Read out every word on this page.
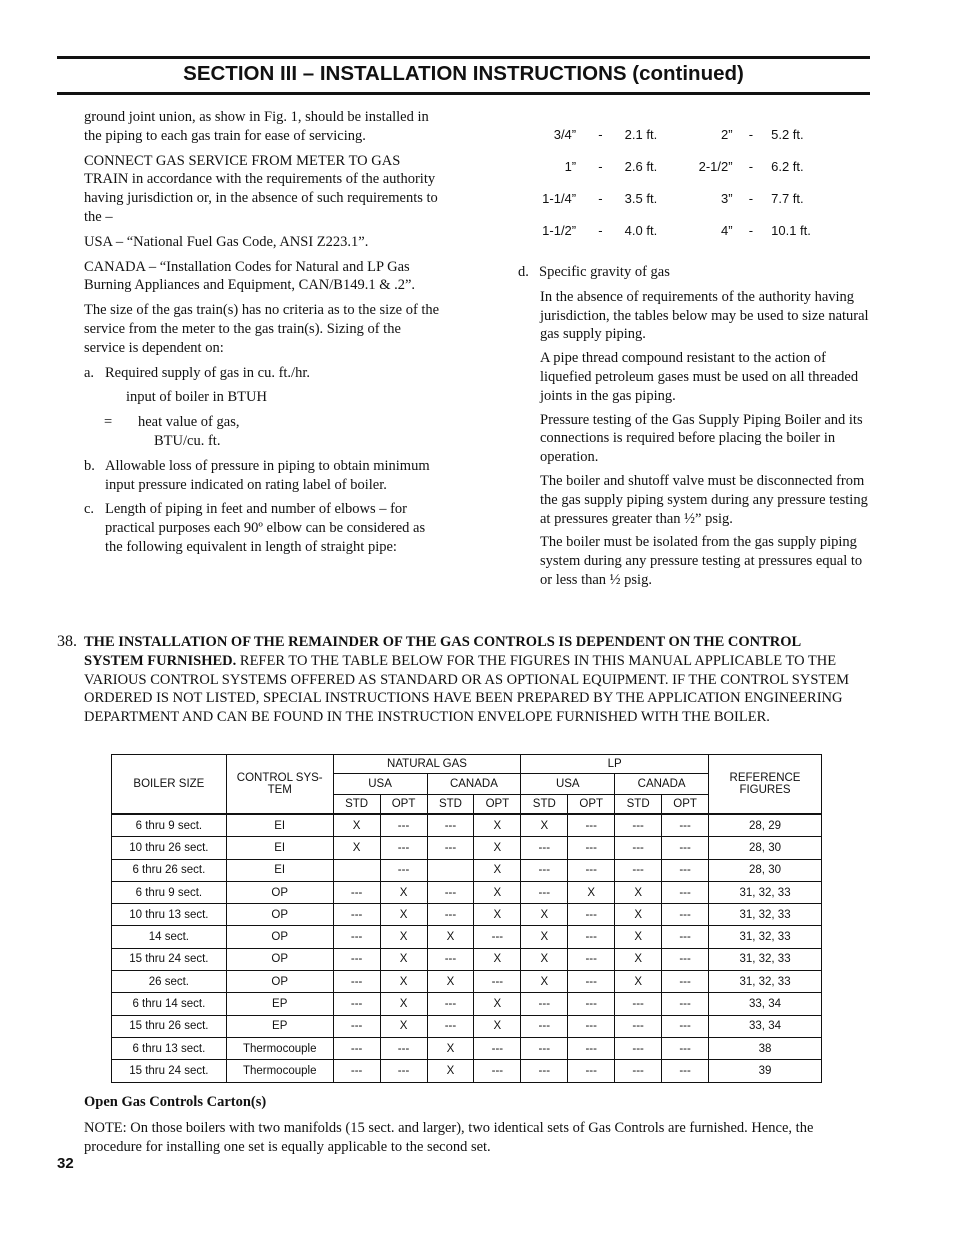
SECTION III – INSTALLATION INSTRUCTIONS (continued)

ground joint union, as show in Fig. 1, should be installed in the piping to each gas train for ease of servicing.

CONNECT GAS SERVICE FROM METER TO GAS TRAIN in accordance with the requirements of the authority having jurisdiction or, in the absence of such requirements to the –

USA – “National Fuel Gas Code, ANSI Z223.1”.

CANADA – “Installation Codes for Natural and LP Gas Burning Appliances and Equipment, CAN/B149.1 & .2”.

The size of the gas train(s) has no criteria as to the size of the service from the meter to the gas train(s). Sizing of the service is dependent on:

a. Required supply of gas in cu. ft./hr.

input of boiler in BTUH

=	heat value of gas,
BTU/cu. ft.
b. Allowable loss of pressure in piping to obtain minimum input pressure indicated on rating label of boiler.
c. Length of piping in feet and number of elbows – for practical purposes each 90º elbow can be considered as the following equivalent in length of straight pipe:
3/4”	-	2.1 ft.	2”	-	5.2 ft.
1”	-	2.6 ft.	2-1/2”	-	6.2 ft.
1-1/4”	-	3.5 ft.	3”	-	7.7 ft.
1-1/2”	-	4.0 ft.	4”	-	10.1 ft.
d. Specific gravity of gas

In the absence of requirements of the authority having jurisdiction, the tables below may be used to size natural gas supply piping.

A pipe thread compound resistant to the action of liquefied petroleum gases must be used on all threaded joints in the gas piping.

Pressure testing of the Gas Supply Piping Boiler and its connections is required before placing the boiler in operation.

The boiler and shutoff valve must be disconnected from the gas supply piping system during any pressure testing at pressures greater than ½” psig.

The boiler must be isolated from the gas supply piping system during any pressure testing at pressures equal to or less than ½ psig.

38. THE INSTALLATION OF THE REMAINDER OF THE GAS CONTROLS IS DEPENDENT ON THE CONTROL SYSTEM FURNISHED. REFER TO THE TABLE BELOW FOR THE FIGURES IN THIS MANUAL APPLICABLE TO THE VARIOUS CONTROL SYSTEMS OFFERED AS STANDARD OR AS OPTIONAL EQUIPMENT. IF THE CONTROL SYSTEM ORDERED IS NOT LISTED, SPECIAL INSTRUCTIONS HAVE BEEN PREPARED BY THE APPLICATION ENGINEERING DEPARTMENT AND CAN BE FOUND IN THE INSTRUCTION ENVELOPE FURNISHED WITH THE BOILER.
BOILER SIZE	CONTROL SYS-TEM	NATURAL GAS				LP				REFERENCE FIGURES
		USA		CANADA		USA		CANADA		
		STD	OPT	STD	OPT	STD	OPT	STD	OPT	
6 thru 9 sect.	EI	X	---	---	X	X	---	---	---	28, 29
10 thru 26 sect.	EI	X	---	---	X	---	---	---	---	28, 30
6 thru 26 sect.	EI		---		X	---	---	---	---	28, 30
6 thru 9 sect.	OP	---	X	---	X	---	X	X	---	31, 32, 33
10 thru 13 sect.	OP	---	X	---	X	X	---	X	---	31, 32, 33
14 sect.	OP	---	X	X	---	X	---	X	---	31, 32, 33
15 thru 24 sect.	OP	---	X	---	X	X	---	X	---	31, 32, 33
26 sect.	OP	---	X	X	---	X	---	X	---	31, 32, 33
6 thru 14 sect.	EP	---	X	---	X	---	---	---	---	33, 34
15 thru 26 sect.	EP	---	X	---	X	---	---	---	---	33, 34
6 thru 13 sect.	Thermocouple	---	---	X	---	---	---	---	---	38
15 thru 24 sect.	Thermocouple	---	---	X	---	---	---	---	---	39
Open Gas Controls Carton(s)
NOTE: On those boilers with two manifolds (15 sect. and larger), two identical sets of Gas Controls are furnished. Hence, the procedure for installing one set is equally applicable to the second set.
32
